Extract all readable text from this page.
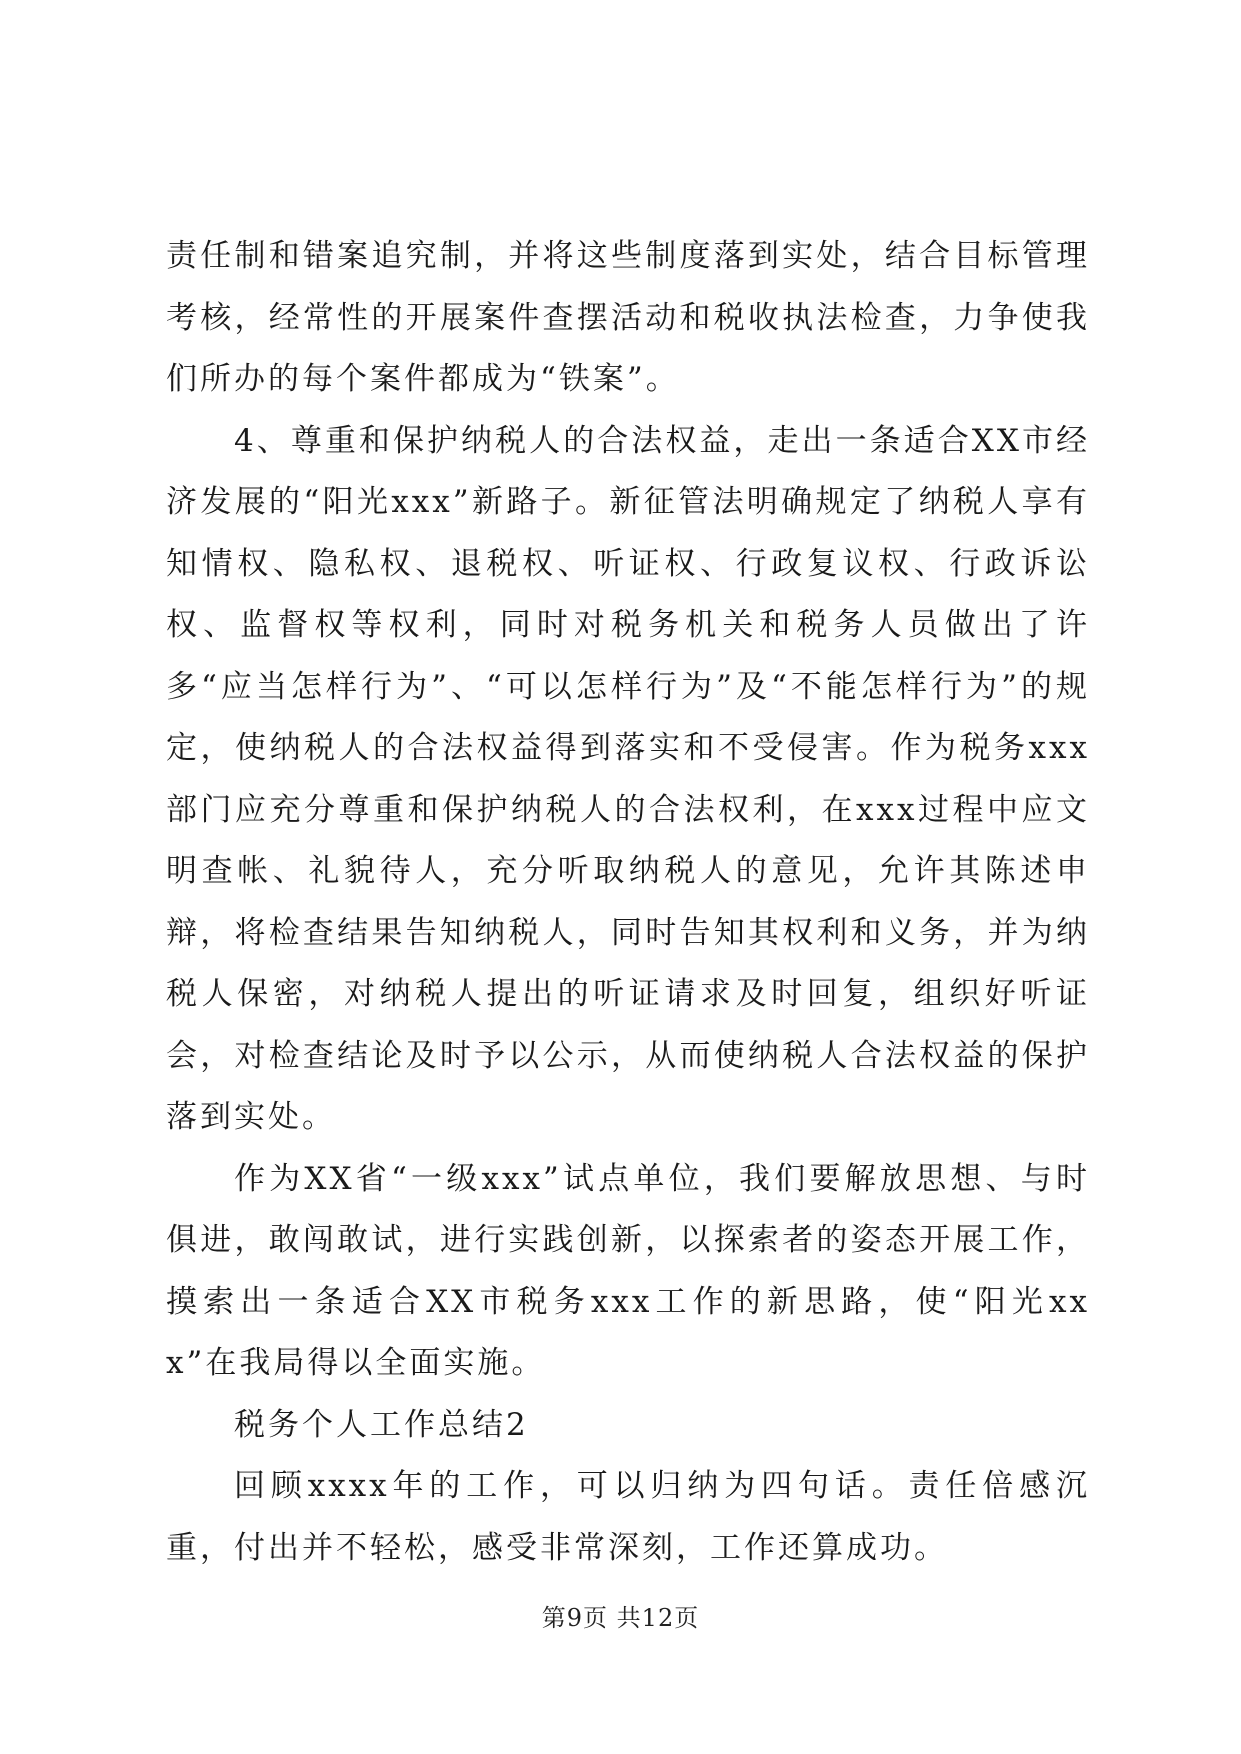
责任制和错案追究制，并将这些制度落到实处，结合目标管理考核，经常性的开展案件查摆活动和税收执法检查，力争使我们所办的每个案件都成为“铁案”。

4、尊重和保护纳税人的合法权益，走出一条适合XX市经济发展的“阳光xxx”新路子。新征管法明确规定了纳税人享有知情权、隐私权、退税权、听证权、行政复议权、行政诉讼权、监督权等权利，同时对税务机关和税务人员做出了许多“应当怎样行为”、“可以怎样行为”及“不能怎样行为”的规定，使纳税人的合法权益得到落实和不受侵害。作为税务xxx部门应充分尊重和保护纳税人的合法权利，在xxx过程中应文明查帐、礼貌待人，充分听取纳税人的意见，允许其陈述申辩，将检查结果告知纳税人，同时告知其权利和义务，并为纳税人保密，对纳税人提出的听证请求及时回复，组织好听证会，对检查结论及时予以公示，从而使纳税人合法权益的保护落到实处。

作为XX省“一级xxx”试点单位，我们要解放思想、与时俱进，敢闯敢试，进行实践创新，以探索者的姿态开展工作，摸索出一条适合XX市税务xxx工作的新思路，使“阳光xxx”在我局得以全面实施。

税务个人工作总结2

回顾xxxx年的工作，可以归纳为四句话。责任倍感沉重，付出并不轻松，感受非常深刻，工作还算成功。

第9页 共12页
